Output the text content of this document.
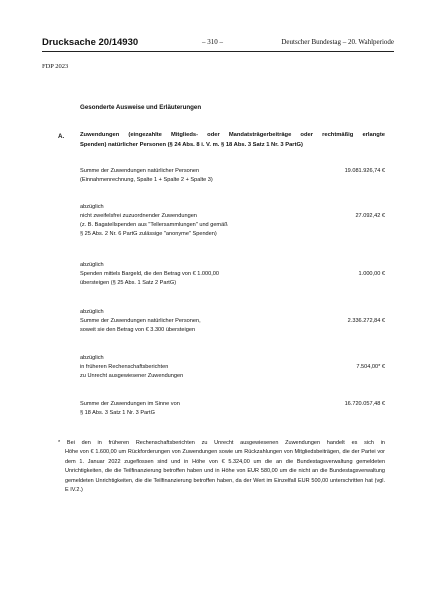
Drucksache 20/14930	– 310 –	Deutscher Bundestag – 20. Wahlperiode
FDP 2023
Gesonderte Ausweise und Erläuterungen
A.	Zuwendungen (eingezahlte Mitglieds- oder Mandatsträgerbeiträge oder rechtmäßig erlangte
Spenden) natürlicher Personen (§ 24 Abs. 8 i. V. m. § 18 Abs. 3 Satz 1 Nr. 3 PartG)
Summe der Zuwendungen natürlicher Personen
(Einnahmenrechnung, Spalte 1 + Spalte 2 + Spalte 3)
19.081.926,74 €
abzüglich
nicht zweifelsfrei zuzuordnender Zuwendungen
(z. B. Bagatellspenden aus "Tellersammlungen" und gemäß
§ 25 Abs. 2 Nr. 6 PartG zulässige "anonyme" Spenden)
27.092,42 €
abzüglich
Spenden mittels Bargeld, die den Betrag von € 1.000,00
übersteigen (§ 25 Abs. 1 Satz 2 PartG)
1.000,00 €
abzüglich
Summe der Zuwendungen natürlicher Personen,
soweit sie den Betrag von € 3.300 übersteigen
2.336.272,84 €
abzüglich
in früheren Rechenschaftsberichten
zu Unrecht ausgewiesener Zuwendungen
7.504,00* €
Summe der Zuwendungen im Sinne von
§ 18 Abs. 3 Satz 1 Nr. 3 PartG
16.720.057,48 €
* Bei den in früheren Rechenschaftsberichten zu Unrecht ausgewiesenen Zuwendungen handelt es sich in
Höhe von € 1.600,00 um Rückforderungen von Zuwendungen sowie um Rückzahlungen von Mitgliedsbeiträgen, die der Partei vor dem 1. Januar 2022 zugeflossen sind und in Höhe von € 5.324,00 um die an die Bundestagsverwaltung gemeldeten Unrichtigkeiten, die die Teilfinanzierung betroffen haben und in Höhe von EUR 580,00 um die nicht an die Bundestagsverwaltung gemeldeten Unrichtigkeiten, die die Teilfinanzierung betroffen haben, da der Wert im Einzelfall EUR 500,00 unterschritten hat (vgl. E IV.2.)
